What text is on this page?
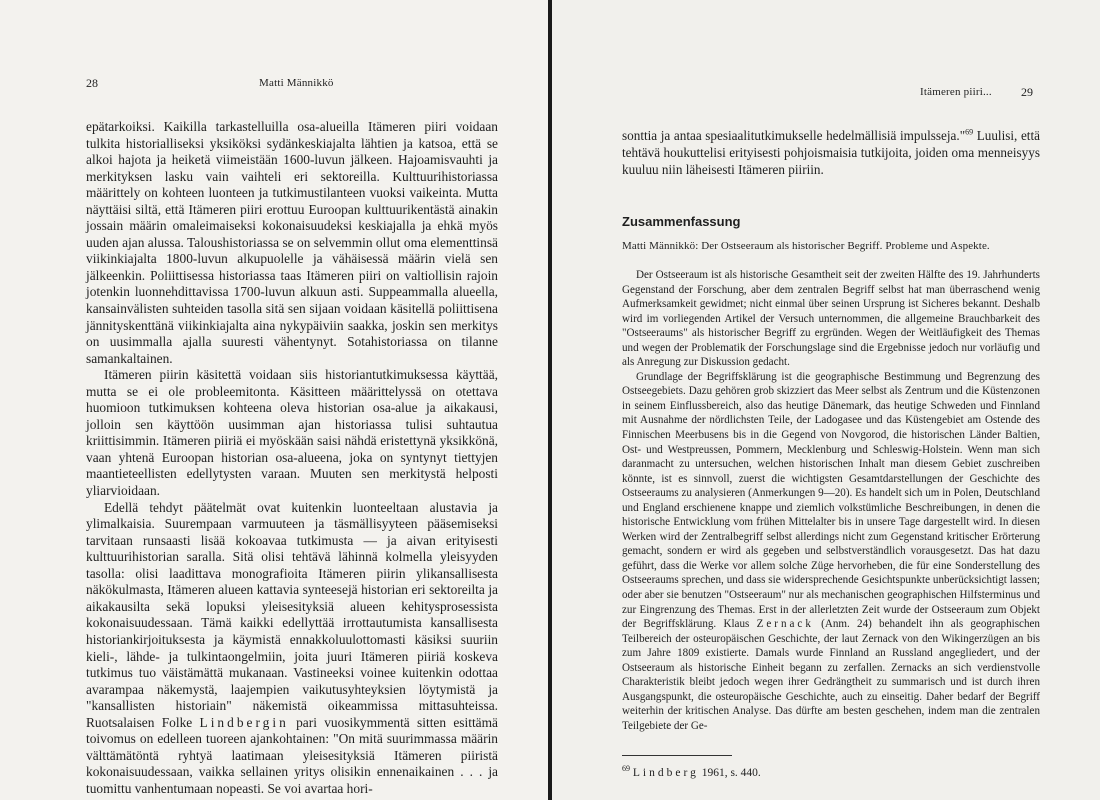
28	Matti Männikkö

epätarkoiksi. Kaikilla tarkastelluilla osa-alueilla Itämeren piiri voidaan tulkita historialliseksi yksiköksi sydänkeskiajalta lähtien ja katsoa, että se alkoi hajota ja heiketä viimeistään 1600-luvun jälkeen. Hajoamisvauhti ja merkityksen lasku vain vaihteli eri sektoreilla. Kulttuurihistoriassa määrittely on kohteen luonteen ja tutkimustilanteen vuoksi vaikeinta. Mutta näyttäisi siltä, että Itämeren piiri erottuu Euroopan kulttuurikentästä ainakin jossain määrin omaleimaiseksi kokonaisuudeksi keskiajalla ja ehkä myös uuden ajan alussa. Taloushistoriassa se on selvemmin ollut oma elementtinsä viikinkiajalta 1800-luvun alkupuolelle ja vähäisessä määrin vielä sen jälkeenkin. Poliittisessa historiassa taas Itämeren piiri on valtiollisin rajoin jotenkin luonnehdittavissa 1700-luvun alkuun asti. Suppeammalla alueella, kansainvälisten suhteiden tasolla sitä sen sijaan voidaan käsitellä poliittisena jännityskenttänä viikinkiajalta aina nykypäiviin saakka, joskin sen merkitys on uusimmalla ajalla suuresti vähentynyt. Sotahistoriassa on tilanne samankaltainen.

Itämeren piirin käsitettä voidaan siis historiantutkimuksessa käyttää, mutta se ei ole probleemitonta. Käsitteen määrittelyssä on otettava huomioon tutkimuksen kohteena oleva historian osa-alue ja aikakausi, jolloin sen käyttöön uusimman ajan historiassa tulisi suhtautua kriittisimmin. Itämeren piiriä ei myöskään saisi nähdä eristettynä yksikkönä, vaan yhtenä Euroopan historian osa-alueena, joka on syntynyt tiettyjen maantieteellisten edellytysten varaan. Muuten sen merkitystä helposti yliarvioidaan.

Edellä tehdyt päätelmät ovat kuitenkin luonteeltaan alustavia ja ylimalkaisia. Suurempaan varmuuteen ja täsmällisyyteen pääsemiseksi tarvitaan runsaasti lisää kokoavaa tutkimusta — ja aivan erityisesti kulttuurihistorian saralla. Sitä olisi tehtävä lähinnä kolmella yleisyyden tasolla: olisi laadittava monografioita Itämeren piirin ylikansallisesta näkökulmasta, Itämeren alueen kattavia synteesejä historian eri sektoreilta ja aikakausilta sekä lopuksi yleisesityksiä alueen kehitysprosessista kokonaisuudessaan. Tämä kaikki edellyttää irrottautumista kansallisesta historiankirjoituksesta ja käymistä ennakkoluulottomasti käsiksi suuriin kieli-, lähde- ja tulkintaongelmiin, joita juuri Itämeren piiriä koskeva tutkimus tuo väistämättä mukanaan. Vastineeksi voinee kuitenkin odottaa avarampaa näkemystä, laajempien vaikutusyhteyksien löytymistä ja "kansallisten historiain" näkemistä oikeammissa mittasuhteissa. Ruotsalaisen Folke Lindbergin pari vuosikymmentä sitten esittämä toivomus on edelleen tuoreen ajankohtainen: "On mitä suurimmassa määrin välttämätöntä ryhtyä laatimaan yleisesityksiä Itämeren piiristä kokonaisuudessaan, vaikka sellainen yritys olisikin ennenaikainen . . . ja tuomittu vanhentumaan nopeasti. Se voi avartaa hori-

Itämeren piiri... 29

sonttia ja antaa spesiaalitutkimukselle hedelmällisiä impulsseja."$^{69}$ Luulisi, että tehtävä houkuttelisi erityisesti pohjoismaisia tutkijoita, joiden oma menneisyys kuuluu niin läheisesti Itämeren piiriin.

Zusammenfassung
Matti Männikkö: Der Ostseeraum als historischer Begriff. Probleme und Aspekte.

Der Ostseeraum ist als historische Gesamtheit seit der zweiten Hälfte des 19. Jahrhunderts Gegenstand der Forschung, aber dem zentralen Begriff selbst hat man überraschend wenig Aufmerksamkeit gewidmet; nicht einmal über seinen Ursprung ist Sicheres bekannt. Deshalb wird im vorliegenden Artikel der Versuch unternommen, die allgemeine Brauchbarkeit des "Ostseeraums" als historischer Begriff zu ergründen. Wegen der Weitläufigkeit des Themas und wegen der Problematik der Forschungslage sind die Ergebnisse jedoch nur vorläufig und als Anregung zur Diskussion gedacht.

Grundlage der Begriffsklärung ist die geographische Bestimmung und Begrenzung des Ostseegebiets. Dazu gehören grob skizziert das Meer selbst als Zentrum und die Küstenzonen in seinem Einflussbereich, also das heutige Dänemark, das heutige Schweden und Finnland mit Ausnahme der nördlichsten Teile, der Ladogasee und das Küstengebiet am Ostende des Finnischen Meerbusens bis in die Gegend von Novgorod, die historischen Länder Baltien, Ost- und Westpreussen, Pommern, Mecklenburg und Schleswig-Holstein. Wenn man sich daranmacht zu untersuchen, welchen historischen Inhalt man diesem Gebiet zuschreiben könnte, ist es sinnvoll, zuerst die wichtigsten Gesamtdarstellungen der Geschichte des Ostseeraums zu analysieren (Anmerkungen 9—20). Es handelt sich um in Polen, Deutschland und England erschienene knappe und ziemlich volkstümliche Beschreibungen, in denen die historische Entwicklung vom frühen Mittelalter bis in unsere Tage dargestellt wird. In diesen Werken wird der Zentralbegriff selbst allerdings nicht zum Gegenstand kritischer Erörterung gemacht, sondern er wird als gegeben und selbstverständlich vorausgesetzt. Das hat dazu geführt, dass die Werke vor allem solche Züge hervorheben, die für eine Sonderstellung des Ostseeraums sprechen, und dass sie widersprechende Gesichtspunkte unberücksichtigt lassen; oder aber sie benutzen "Ostseeraum" nur als mechanischen geographischen Hilfsterminus und zur Eingrenzung des Themas. Erst in der allerletzten Zeit wurde der Ostseeraum zum Objekt der Begriffsklärung. Klaus Zernack (Anm. 24) behandelt ihn als geographischen Teilbereich der osteuropäischen Geschichte, der laut Zernack von den Wikingerzügen an bis zum Jahre 1809 existierte. Damals wurde Finnland an Russland angegliedert, und der Ostseeraum als historische Einheit begann zu zerfallen. Zernacks an sich verdienstvolle Charakteristik bleibt jedoch wegen ihrer Gedrängtheit zu summarisch und ist durch ihren Ausgangspunkt, die osteuropäische Geschichte, auch zu einseitig. Daher bedarf der Begriff weiterhin der kritischen Analyse. Das dürfte am besten geschehen, indem man die zentralen Teilgebiete der Ge-

$^{69}$ Lindberg 1961, s. 440.
